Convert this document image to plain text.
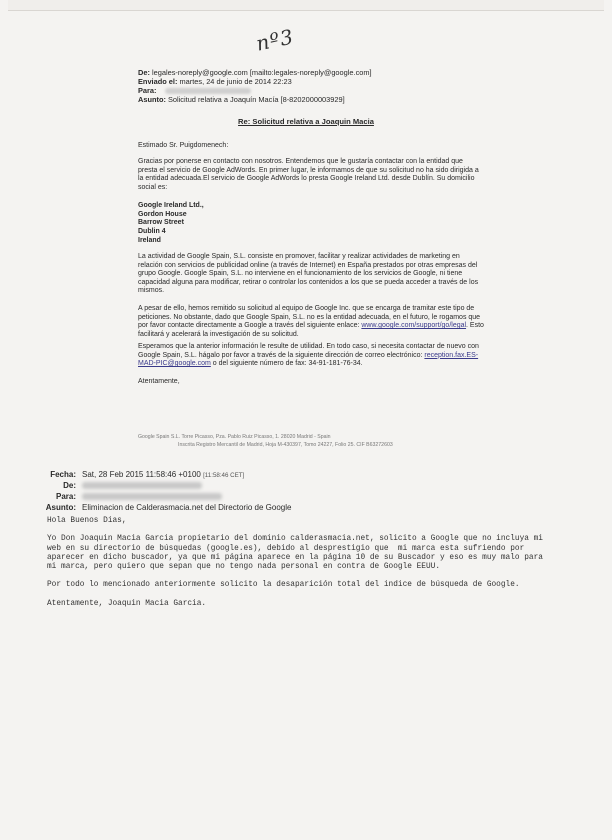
nº3
De: legales-noreply@google.com [mailto:legales-noreply@google.com]
Enviado el: martes, 24 de junio de 2014 22:23
Para:
Asunto: Solicitud relativa a Joaquín Macía [8-8202000003929]
Re: Solicitud relativa a Joaquin Macia
Estimado Sr. Puigdomenech:

Gracias por ponerse en contacto con nosotros. Entendemos que le gustaría contactar con la entidad que presta el servicio de Google AdWords. En primer lugar, le informamos de que su solicitud no ha sido dirigida a la entidad adecuada.El servicio de Google AdWords lo presta Google Ireland Ltd. desde Dublín. Su domicilio social es:

Google Ireland Ltd.,
Gordon House
Barrow Street
Dublin 4
Ireland

La actividad de Google Spain, S.L. consiste en promover, facilitar y realizar actividades de marketing en relación con servicios de publicidad online (a través de Internet) en España prestados por otras empresas del

grupo Google. Google Spain, S.L. no interviene en el funcionamiento de los servicios de Google, ni tiene capacidad alguna para modificar, retirar o controlar los contenidos a los que se pueda acceder a través de los mismos.

A pesar de ello, hemos remitido su solicitud al equipo de Google Inc. que se encarga de tramitar este tipo de peticiones. No obstante, dado que Google Spain, S.L. no es la entidad adecuada, en el futuro, le rogamos que por favor contacte directamente a Google a través del siguiente enlace: www.google.com/support/go/legal. Esto facilitará y acelerará la investigación de su solicitud.

Esperamos que la anterior información le resulte de utilidad. En todo caso, si necesita contactar de nuevo con Google Spain, S.L. hágalo por favor a través de la siguiente dirección de correo electrónico: reception.fax.ES-MAD-PIC@google.com o del siguiente número de fax: 34-91-181-76-34.

Atentamente,
Google Spain S.L. Torre Picasso, Pza. Pablo Ruiz Picasso, 1. 28020 Madrid - Spain
Inscrita Registro Mercantil de Madrid, Hoja M-430397, Tomo 24227, Folio 25. CIF B63272603
Fecha: Sat, 28 Feb 2015 11:58:46 +0100 [11:58:46 CET]
De:
Para:
Asunto: Eliminacion de Calderasmacia.net del Directorio de Google
Hola Buenos Dias,

Yo Don Joaquin Macia Garcia propietario del dominio calderasmacia.net, solicito a Google que no incluya mi
web en su directorio de búsquedas (google.es), debido al desprestigio que  mi marca esta sufriendo por
aparecer en dicho buscador, ya que mi página aparece en la página 10 de su Buscador y eso es muy malo para
mi marca, pero quiero que sepan que no tengo nada personal en contra de Google EEUU.

Por todo lo mencionado anteriormente solicito la desaparición total del indice de búsqueda de Google.

Atentamente, Joaquin Macia Garcia.
